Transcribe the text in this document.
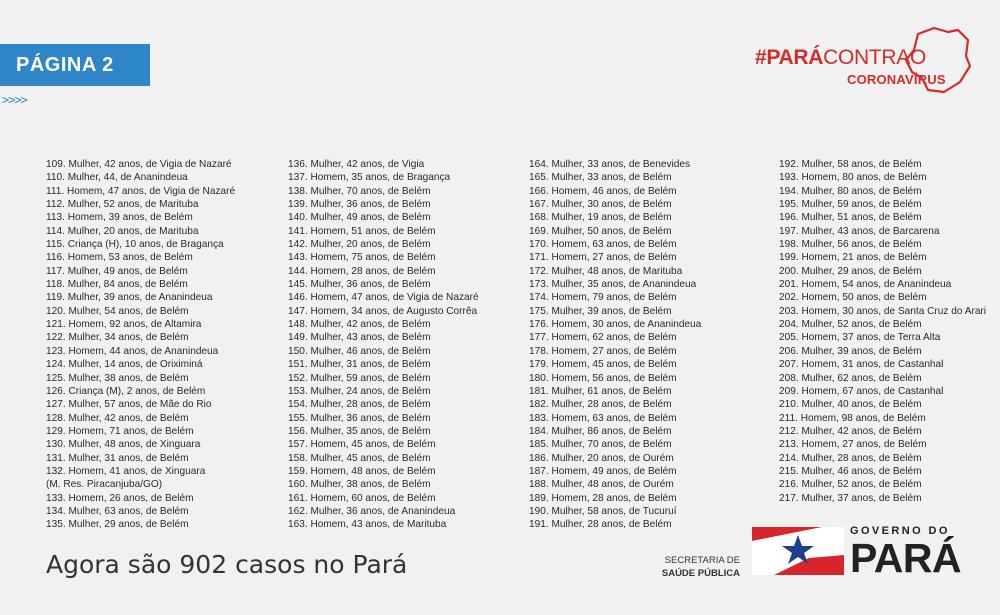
PÁGINA 2
>>>>
#PARÁCONTRAO
CORONAVÍRUS
109. Mulher, 42 anos, de Vigia de Nazaré
110. Mulher, 44, de Ananindeua
111. Homem, 47 anos, de Vigia de Nazaré
112. Mulher, 52 anos, de Marituba
113. Homem, 39 anos, de Belém
114. Mulher, 20 anos, de Marituba
115. Criança (H), 10 anos, de Bragança
116. Homem, 53 anos, de Belém
117. Mulher, 49 anos, de Belém
118. Mulher, 84 anos, de Belém
119. Mulher, 39 anos, de Ananindeua
120. Mulher, 54 anos, de Belém
121. Homem, 92 anos, de Altamira
122. Mulher, 34 anos, de Belém
123. Homem, 44 anos, de Ananindeua
124. Mulher, 14 anos, de Oriximiná
125. Mulher, 38 anos, de Belém
126. Criança (M), 2 anos, de Belém
127. Mulher, 57 anos, de Mãe do Rio
128. Mulher, 42 anos, de Belém
129. Homem, 71 anos, de Belém
130. Mulher, 48 anos, de Xinguara
131. Mulher, 31 anos, de Belém
132. Homem, 41 anos, de Xinguara
(M. Res. Piracanjuba/GO)
133. Homem, 26 anos, de Belém
134. Mulher, 63 anos, de Belém
135. Mulher, 29 anos, de Belém
136. Mulher, 42 anos, de Vigia
137. Homem, 35 anos, de Bragança
138. Mulher, 70 anos, de Belém
139. Mulher, 36 anos, de Belém
140. Mulher, 49 anos, de Belém
141. Homem, 51 anos, de Belém
142. Mulher, 20 anos, de Belém
143. Homem, 75 anos, de Belém
144. Homem, 28 anos, de Belém
145. Mulher, 36 anos, de Belém
146. Homem, 47 anos, de Vigia de Nazaré
147. Homem, 34 anos, de Augusto Corrêa
148. Mulher, 42 anos, de Belém
149. Mulher, 43 anos, de Belém
150. Mulher, 46 anos, de Belém
151. Mulher, 31 anos, de Belém
152. Mulher, 59 anos, de Belém
153. Mulher, 24 anos, de Belém
154. Mulher, 28 anos, de Belém
155. Mulher, 36 anos, de Belém
156. Mulher, 35 anos, de Belém
157. Homem, 45 anos, de Belém
158. Mulher, 45 anos, de Belém
159. Homem, 48 anos, de Belém
160. Mulher, 38 anos, de Belém
161. Homem, 60 anos, de Belém
162. Mulher, 36 anos, de Ananindeua
163. Homem, 43 anos, de Marituba
164. Mulher, 33 anos, de Benevides
165. Mulher, 33 anos, de Belém
166. Homem, 46 anos, de Belém
167. Mulher, 30 anos, de Belém
168. Mulher, 19 anos, de Belém
169. Mulher, 50 anos, de Belém
170. Homem, 63 anos, de Belém
171. Homem, 27 anos, de Belém
172. Mulher, 48 anos, de Marituba
173. Mulher, 35 anos, de Ananindeua
174. Homem, 79 anos, de Belém
175. Mulher, 39 anos, de Belém
176. Homem, 30 anos, de Ananindeua
177. Homem, 62 anos, de Belém
178. Homem, 27 anos, de Belém
179. Homem, 45 anos, de Belém
180. Homem, 56 anos, de Belém
181. Mulher, 61 anos, de Belém
182. Mulher, 28 anos, de Belém
183. Homem, 63 anos, de Belém
184. Mulher, 86 anos, de Belém
185. Mulher, 70 anos, de Belém
186. Mulher, 20 anos, de Ourém
187. Homem, 49 anos, de Belém
188. Mulher, 48 anos, de Ourém
189. Homem, 28 anos, de Belém
190. Mulher, 58 anos, de Tucuruí
191. Mulher, 28 anos, de Belém
192. Mulher, 58 anos, de Belém
193. Homem, 80 anos, de Belém
194. Mulher, 80 anos, de Belém
195. Mulher, 59 anos, de Belém
196. Mulher, 51 anos, de Belém
197. Mulher, 43 anos, de Barcarena
198. Mulher, 56 anos, de Belém
199. Homem, 21 anos, de Belém
200. Mulher, 29 anos, de Belém
201. Homem, 54 anos, de Ananindeua
202. Homem, 50 anos, de Belém
203. Homem, 30 anos, de Santa Cruz do Arari
204. Mulher, 52 anos, de Belém
205. Homem, 37 anos, de Terra Alta
206. Mulher, 39 anos, de Belém
207. Homem, 31 anos, de Castanhal
208. Mulher, 62 anos, de Belém
209. Homem, 67 anos, de Castanhal
210. Mulher, 40 anos, de Belém
211. Homem, 98 anos, de Belém
212. Mulher, 42 anos, de Belém
213. Homem, 27 anos, de Belém
214. Mulher, 28 anos, de Belém
215. Mulher, 46 anos, de Belém
216. Mulher, 52 anos, de Belém
217. Mulher, 37 anos, de Belém
Agora são 902 casos no Pará	SECRETARIA DE
SAÚDE PÚBLICA
GOVERNO DO
PARÁ
